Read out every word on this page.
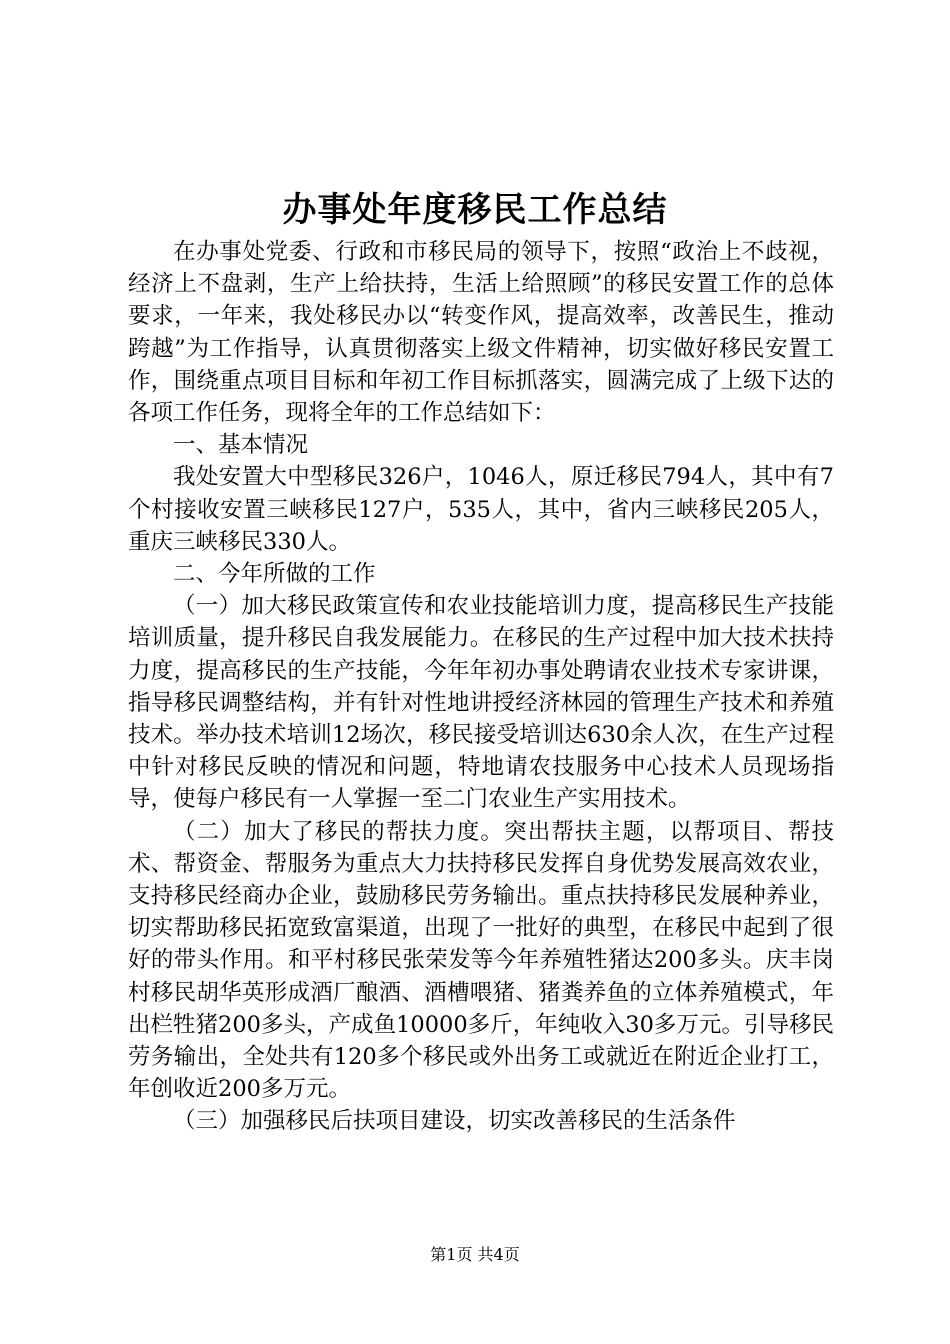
办事处年度移民工作总结

在办事处党委、行政和市移民局的领导下，按照“政治上不歧视，经济上不盘剥，生产上给扶持，生活上给照顾”的移民安置工作的总体要求，一年来，我处移民办以“转变作风，提高效率，改善民生，推动跨越”为工作指导，认真贯彻落实上级文件精神，切实做好移民安置工作，围绕重点项目目标和年初工作目标抓落实，圆满完成了上级下达的各项工作任务，现将全年的工作总结如下：

一、基本情况

我处安置大中型移民326户，1046人，原迁移民794人，其中有7个村接收安置三峡移民127户，535人，其中，省内三峡移民205人，重庆三峡移民330人。

二、今年所做的工作

（一）加大移民政策宣传和农业技能培训力度，提高移民生产技能培训质量，提升移民自我发展能力。在移民的生产过程中加大技术扶持力度，提高移民的生产技能，今年年初办事处聘请农业技术专家讲课，指导移民调整结构，并有针对性地讲授经济林园的管理生产技术和养殖技术。举办技术培训12场次，移民接受培训达630余人次，在生产过程中针对移民反映的情况和问题，特地请农技服务中心技术人员现场指导，使每户移民有一人掌握一至二门农业生产实用技术。

（二）加大了移民的帮扶力度。突出帮扶主题，以帮项目、帮技术、帮资金、帮服务为重点大力扶持移民发挥自身优势发展高效农业，支持移民经商办企业，鼓励移民劳务输出。重点扶持移民发展种养业，切实帮助移民拓宽致富渠道，出现了一批好的典型，在移民中起到了很好的带头作用。和平村移民张荣发等今年养殖牲猪达200多头。庆丰岗村移民胡华英形成酒厂酿酒、酒槽喂猪、猪粪养鱼的立体养殖模式，年出栏牲猪200多头，产成鱼10000多斤，年纯收入30多万元。引导移民劳务输出，全处共有120多个移民或外出务工或就近在附近企业打工，年创收近200多万元。

（三）加强移民后扶项目建设，切实改善移民的生活条件

第1页 共4页
